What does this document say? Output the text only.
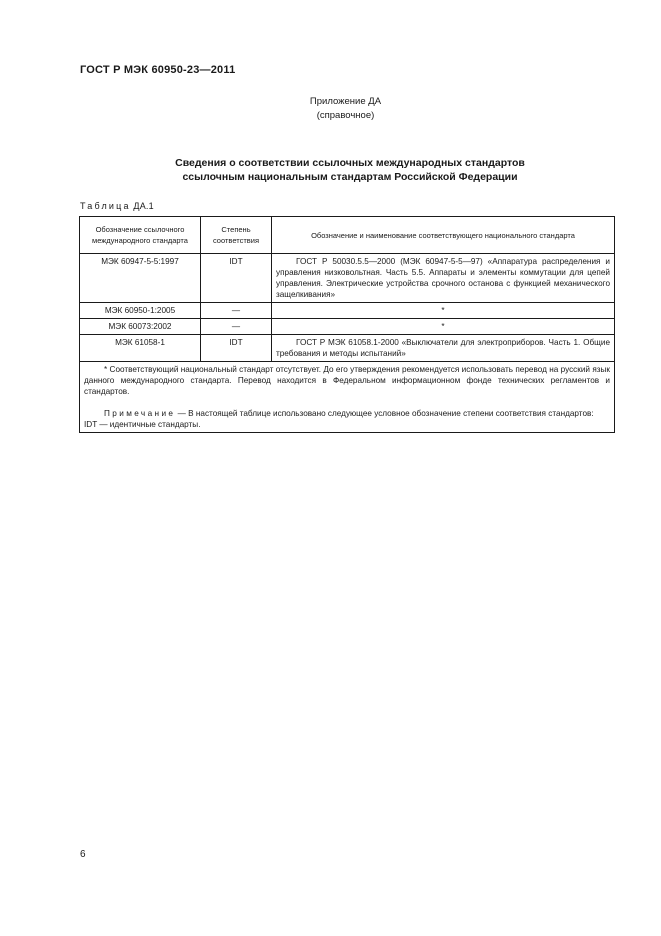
ГОСТ Р МЭК 60950-23—2011
Приложение ДА
(справочное)
Сведения о соответствии ссылочных международных стандартов
ссылочным национальным стандартам Российской Федерации
Таблица ДА.1
Обозначение ссылочного международного стандарта	Степень соответствия	Обозначение и наименование соответствующего национального стандарта
МЭК 60947-5-5:1997	IDT	ГОСТ Р 50030.5.5—2000 (МЭК 60947-5-5—97) «Аппаратура распределения и управления низковольтная. Часть 5.5. Аппараты и элементы коммутации для цепей управления. Электрические устройства срочного останова с функцией механического защелкивания»
МЭК 60950-1:2005	—	*
МЭК 60073:2002	—	*
МЭК 61058-1	IDT	ГОСТ Р МЭК 61058.1-2000 «Выключатели для электроприборов. Часть 1. Общие требования и методы испытаний»

* Соответствующий национальный стандарт отсутствует. До его утверждения рекомендуется использовать перевод на русский язык данного международного стандарта. Перевод находится в Федеральном информационном фонде технических регламентов и стандартов.

Примечание — В настоящей таблице использовано следующее условное обозначение степени соответствия стандартов:

IDT — идентичные стандарты.		

6
